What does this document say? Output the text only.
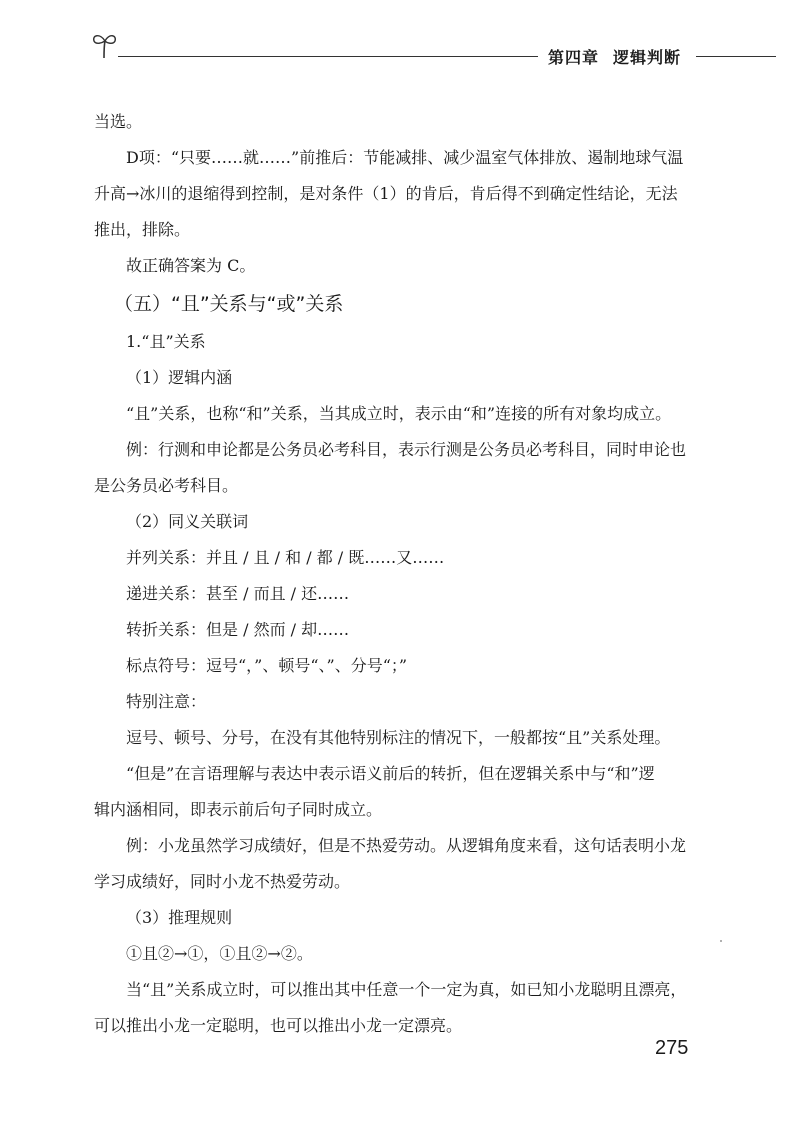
第四章 逻辑判断

当选。

D项：“只要……就……”前推后：节能减排、减少温室气体排放、遏制地球气温

升高→冰川的退缩得到控制，是对条件（1）的肯后，肯后得不到确定性结论，无法

推出，排除。

故正确答案为 C。

（五）“且”关系与“或”关系

1.“且”关系

（1）逻辑内涵

“且”关系，也称“和”关系，当其成立时，表示由“和”连接的所有对象均成立。

例：行测和申论都是公务员必考科目，表示行测是公务员必考科目，同时申论也

是公务员必考科目。

（2）同义关联词

并列关系：并且 / 且 / 和 / 都 / 既……又……

递进关系：甚至 / 而且 / 还……

转折关系：但是 / 然而 / 却……

标点符号：逗号“，”、顿号“、”、分号“；”

特别注意：

逗号、顿号、分号，在没有其他特别标注的情况下，一般都按“且”关系处理。

“但是”在言语理解与表达中表示语义前后的转折，但在逻辑关系中与“和”逻

辑内涵相同，即表示前后句子同时成立。

例：小龙虽然学习成绩好，但是不热爱劳动。从逻辑角度来看，这句话表明小龙

学习成绩好，同时小龙不热爱劳动。

（3）推理规则

①且②→①，①且②→②。

当“且”关系成立时，可以推出其中任意一个一定为真，如已知小龙聪明且漂亮，

可以推出小龙一定聪明，也可以推出小龙一定漂亮。

275
